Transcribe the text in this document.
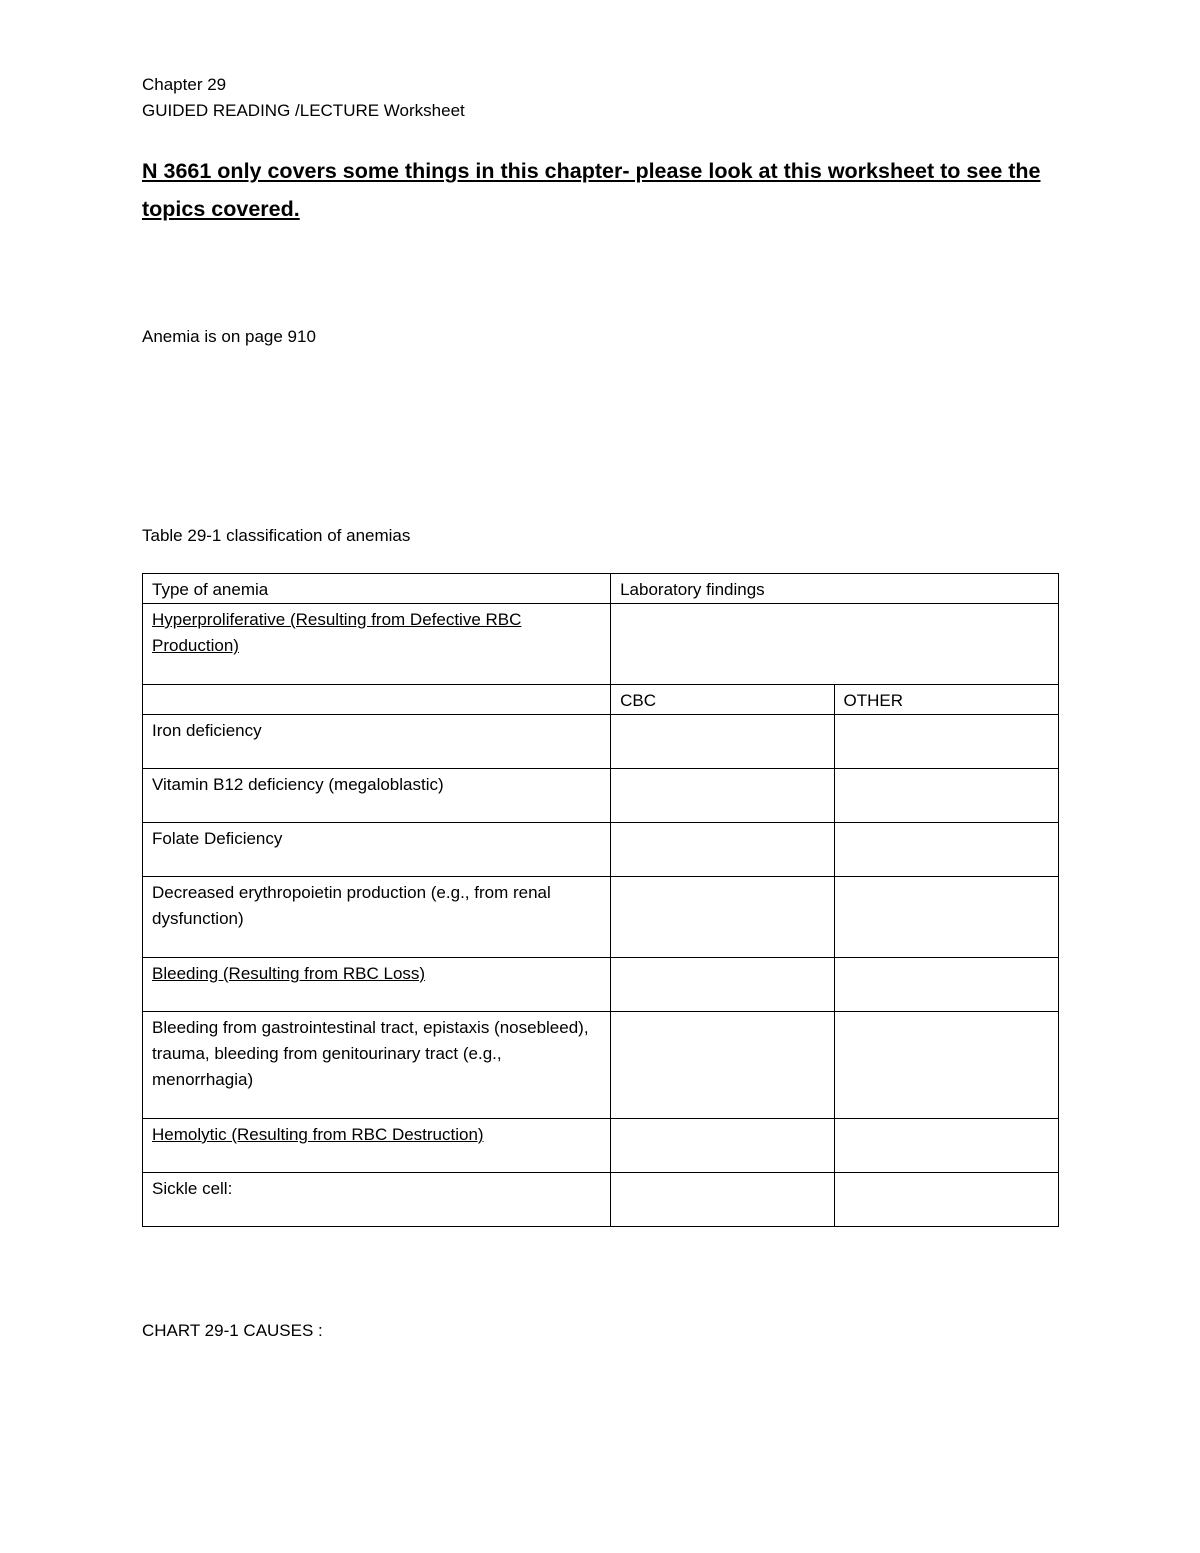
Chapter 29

GUIDED READING /LECTURE Worksheet

N 3661 only covers some things in this chapter- please look at this worksheet to see the topics covered.

Anemia is on page 910

Table 29-1 classification of anemias

Type of anemia	Laboratory findings	
Hyperproliferative (Resulting from Defective RBC Production)		
	CBC	OTHER
Iron deficiency		
Vitamin B12 deficiency (megaloblastic)		
Folate Deficiency		
Decreased erythropoietin production (e.g., from renal dysfunction)		
Bleeding (Resulting from RBC Loss)		
Bleeding from gastrointestinal tract, epistaxis (nosebleed), trauma, bleeding from genitourinary tract (e.g., menorrhagia)		
Hemolytic (Resulting from RBC Destruction)		
Sickle cell:		

CHART 29-1 CAUSES :
